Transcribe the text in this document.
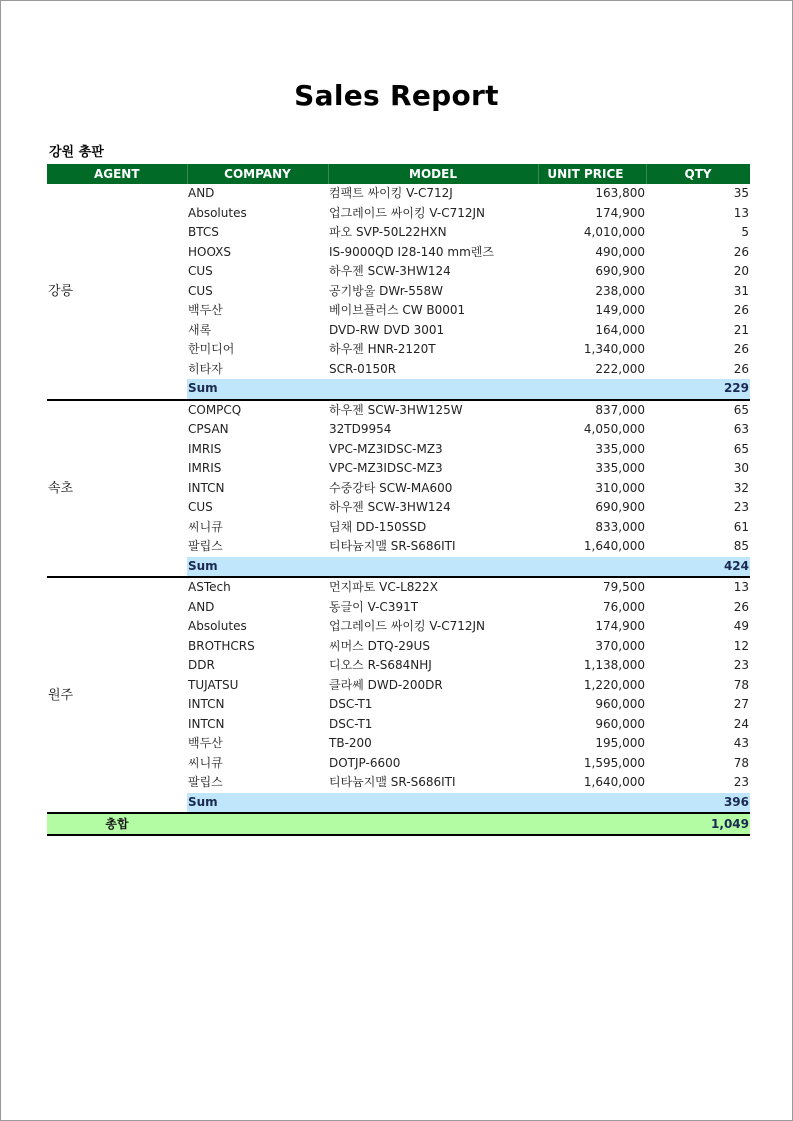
Sales Report
강원 총판
AGENT	COMPANY	MODEL	UNIT PRICE	QTY
강릉	AND	컴팩트 싸이킹 V-C712J	163,800	35
	Absolutes	업그레이드 싸이킹 V-C712JN	174,900	13
	BTCS	파오 SVP-50L22HXN	4,010,000	5
	HOOXS	IS-9000QD I28-140 mm렌즈	490,000	26
	CUS	하우젠 SCW-3HW124	690,900	20
	CUS	공기방울 DWr-558W	238,000	31
	백두산	베이브플러스 CW B0001	149,000	26
	새록	DVD-RW DVD 3001	164,000	21
	한미디어	하우젠 HNR-2120T	1,340,000	26
	히타자	SCR-0150R	222,000	26
	Sum			229
속초	COMPCQ	하우젠 SCW-3HW125W	837,000	65
	CPSAN	32TD9954	4,050,000	63
	IMRIS	VPC-MZ3IDSC-MZ3	335,000	65
	IMRIS	VPC-MZ3IDSC-MZ3	335,000	30
	INTCN	수중강타 SCW-MA600	310,000	32
	CUS	하우젠 SCW-3HW124	690,900	23
	씨니큐	딤채 DD-150SSD	833,000	61
	팔립스	티타늄지맬 SR-S686ITI	1,640,000	85
	Sum			424
원주	ASTech	먼지파토 VC-L822X	79,500	13
	AND	동글이 V-C391T	76,000	26
	Absolutes	업그레이드 싸이킹 V-C712JN	174,900	49
	BROTHCRS	씨머스 DTQ-29US	370,000	12
	DDR	디오스 R-S684NHJ	1,138,000	23
	TUJATSU	클라쎄 DWD-200DR	1,220,000	78
	INTCN	DSC-T1	960,000	27
	INTCN	DSC-T1	960,000	24
	백두산	TB-200	195,000	43
	씨니큐	DOTJP-6600	1,595,000	78
	팔립스	티타늄지맬 SR-S686ITI	1,640,000	23
	Sum			396
총합				1,049
